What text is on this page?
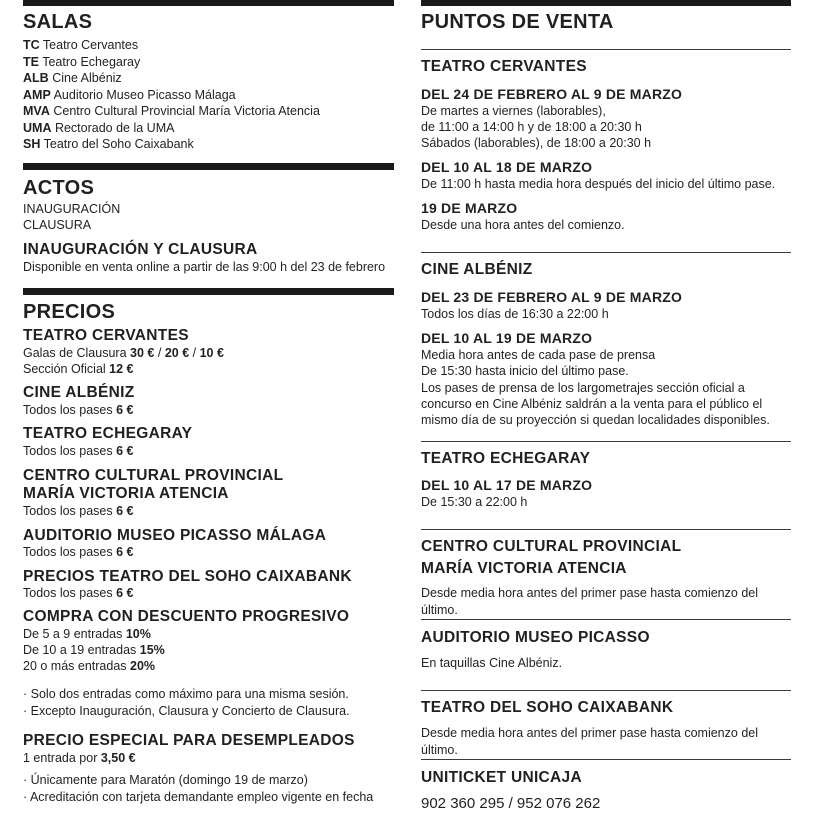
SALAS
TC Teatro Cervantes
TE Teatro Echegaray
ALB Cine Albéniz
AMP Auditorio Museo Picasso Málaga
MVA Centro Cultural Provincial María Victoria Atencia
UMA Rectorado de la UMA
SH Teatro del Soho Caixabank
ACTOS
INAUGURACIÓN
CLAUSURA
INAUGURACIÓN Y CLAUSURA
Disponible en venta online a partir de las 9:00 h del 23 de febrero
PRECIOS
TEATRO CERVANTES
Galas de Clausura 30 € / 20 € / 10 €
Sección Oficial 12 €
CINE ALBÉNIZ
Todos los pases 6 €
TEATRO ECHEGARAY
Todos los pases 6 €
CENTRO CULTURAL PROVINCIAL
MARÍA VICTORIA ATENCIA
Todos los pases 6 €
AUDITORIO MUSEO PICASSO MÁLAGA
Todos los pases 6 €
PRECIOS TEATRO DEL SOHO CAIXABANK
Todos los pases 6 €
COMPRA CON DESCUENTO PROGRESIVO
De 5 a 9 entradas 10%
De 10 a 19 entradas 15%
20 o más entradas 20%
· Solo dos entradas como máximo para una misma sesión.
· Excepto Inauguración, Clausura y Concierto de Clausura.
PRECIO ESPECIAL PARA DESEMPLEADOS
1 entrada por 3,50 €
· Únicamente para Maratón (domingo 19 de marzo)
· Acreditación con tarjeta demandante empleo vigente en fecha
PUNTOS DE VENTA
TEATRO CERVANTES
DEL 24 DE FEBRERO AL 9 DE MARZO
De martes a viernes (laborables),
de 11:00 a 14:00 h y de 18:00 a 20:30 h
Sábados (laborables), de 18:00 a 20:30 h
DEL 10 AL 18 DE MARZO
De 11:00 h hasta media hora después del inicio del último pase.
19 DE MARZO
Desde una hora antes del comienzo.
CINE ALBÉNIZ
DEL 23 DE FEBRERO AL 9 DE MARZO
Todos los días de 16:30 a 22:00 h
DEL 10 AL 19 DE MARZO
Media hora antes de cada pase de prensa
De 15:30 hasta inicio del último pase.
Los pases de prensa de los largometrajes sección oficial a
concurso en Cine Albéniz saldrán a la venta para el público el
mismo día de su proyección si quedan localidades disponibles.
TEATRO ECHEGARAY
DEL 10 AL 17 DE MARZO
De 15:30 a 22:00 h
CENTRO CULTURAL PROVINCIAL
MARÍA VICTORIA ATENCIA
Desde media hora antes del primer pase hasta comienzo del último.
AUDITORIO MUSEO PICASSO
En taquillas Cine Albéniz.
TEATRO DEL SOHO CAIXABANK
Desde media hora antes del primer pase hasta comienzo del último.
UNITICKET UNICAJA
902 360 295 / 952 076 262
